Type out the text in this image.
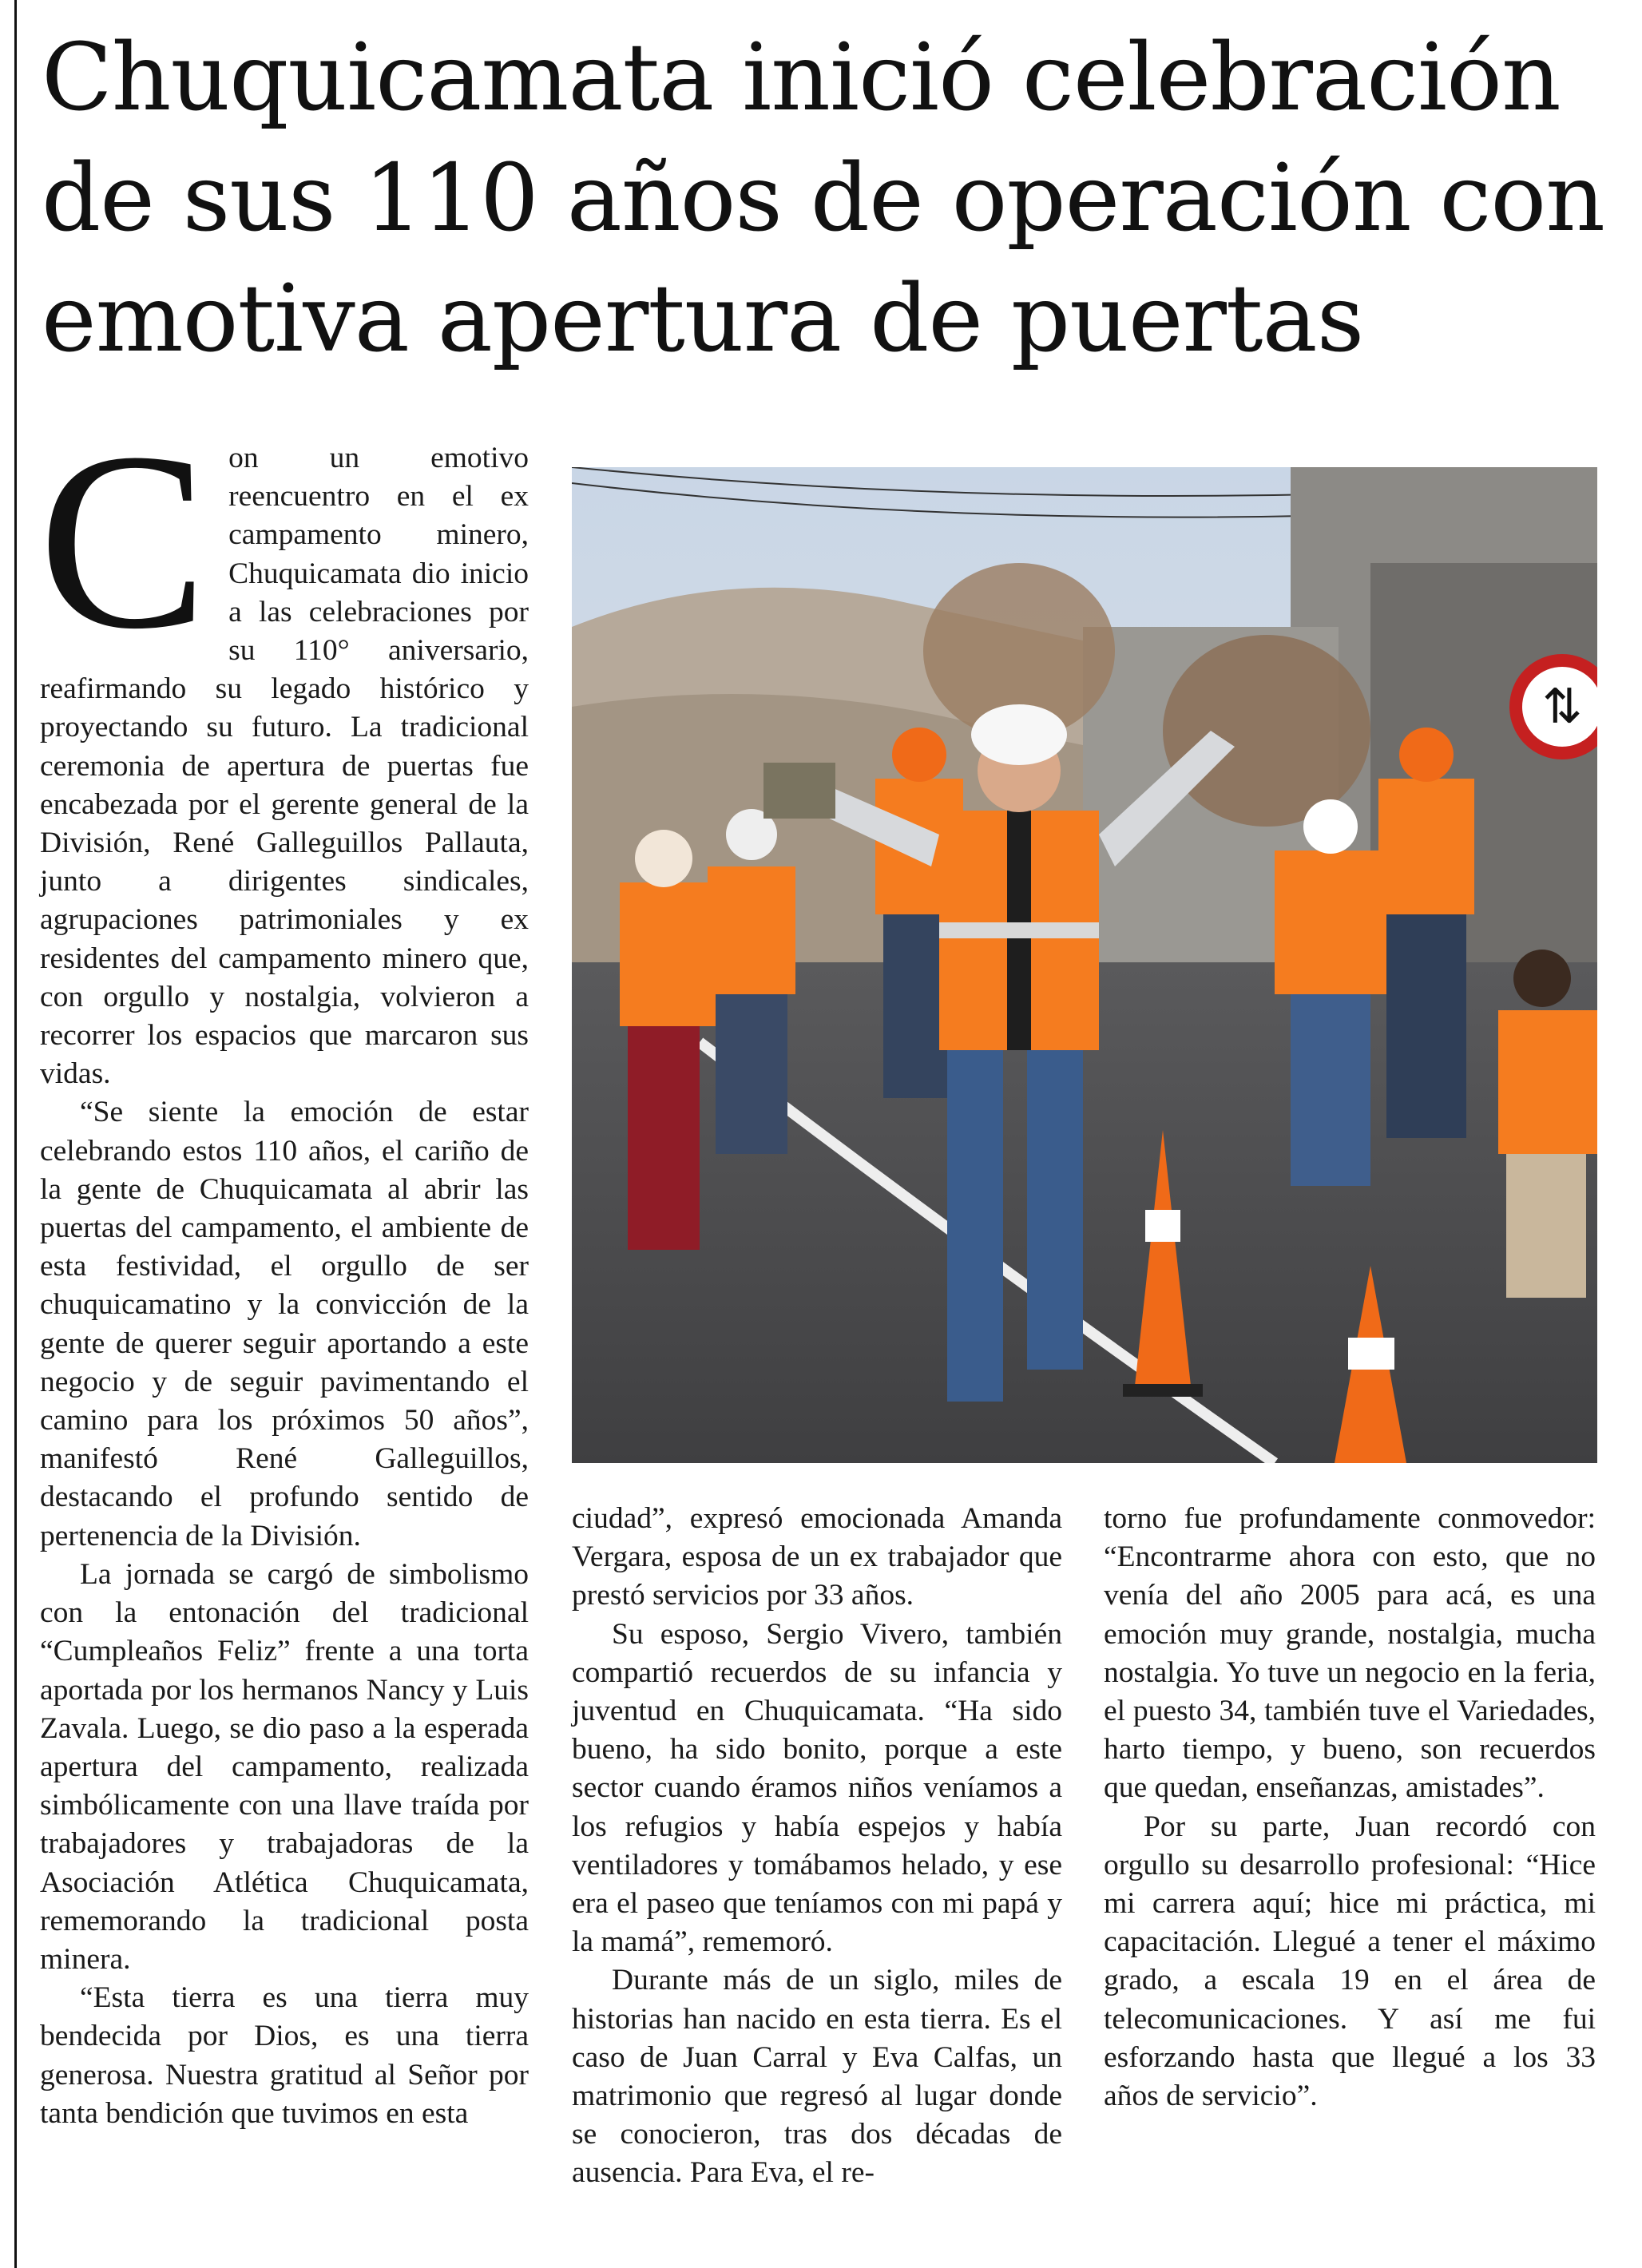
Chuquicamata inició celebración de sus 110 años de operación con emotiva apertura de puertas
C on un emotivo reencuentro en el ex campamento minero, Chuquicamata dio inicio a las celebraciones por su 110° aniversario, reafirmando su legado histórico y proyectando su futuro. La tradicional ceremonia de apertura de puertas fue encabezada por el gerente general de la División, René Galleguillos Pallauta, junto a dirigentes sindicales, agrupaciones patrimoniales y ex residentes del campamento minero que, con orgullo y nostalgia, volvieron a recorrer los espacios que marcaron sus vidas.

“Se siente la emoción de estar celebrando estos 110 años, el cariño de la gente de Chuquicamata al abrir las puertas del campamento, el ambiente de esta festividad, el orgullo de ser chuquicamatino y la convicción de la gente de querer seguir aportando a este negocio y de seguir pavimentando el camino para los próximos 50 años”, manifestó René Galleguillos, destacando el profundo sentido de pertenencia de la División.

La jornada se cargó de simbolismo con la entonación del tradicional “Cumpleaños Feliz” frente a una torta aportada por los hermanos Nancy y Luis Zavala. Luego, se dio paso a la esperada apertura del campamento, realizada simbólicamente con una llave traída por trabajadores y trabajadoras de la Asociación Atlética Chuquicamata, rememorando la tradicional posta minera.

“Esta tierra es una tierra muy bendecida por Dios, es una tierra generosa. Nuestra gratitud al Señor por tanta bendición que tuvimos en esta

⇅

ciudad”, expresó emocionada Amanda Vergara, esposa de un ex trabajador que prestó servicios por 33 años.

Su esposo, Sergio Vivero, también compartió recuerdos de su infancia y juventud en Chuquicamata. “Ha sido bueno, ha sido bonito, porque a este sector cuando éramos niños veníamos a los refugios y había espejos y había ventiladores y tomábamos helado, y ese era el paseo que teníamos con mi papá y la mamá”, rememoró.

Durante más de un siglo, miles de historias han nacido en esta tierra. Es el caso de Juan Carral y Eva Calfas, un matrimonio que regresó al lugar donde se conocieron, tras dos décadas de ausencia. Para Eva, el re-

torno fue profundamente conmovedor: “Encontrarme ahora con esto, que no venía del año 2005 para acá, es una emoción muy grande, nostalgia, mucha nostalgia. Yo tuve un negocio en la feria, el puesto 34, también tuve el Variedades, harto tiempo, y bueno, son recuerdos que quedan, enseñanzas, amistades”.

Por su parte, Juan recordó con orgullo su desarrollo profesional: “Hice mi carrera aquí; hice mi práctica, mi capacitación. Llegué a tener el máximo grado, a escala 19 en el área de telecomunicaciones. Y así me fui esforzando hasta que llegué a los 33 años de servicio”.
